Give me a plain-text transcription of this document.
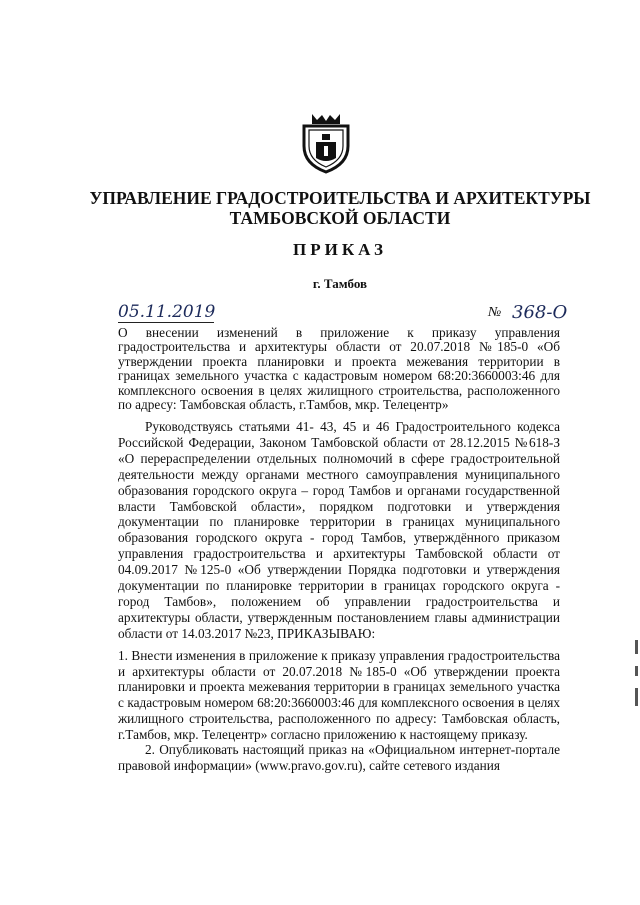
УПРАВЛЕНИЕ ГРАДОСТРОИТЕЛЬСТВА И АРХИТЕКТУРЫ ТАМБОВСКОЙ ОБЛАСТИ
ПРИКАЗ
г. Тамбов
05.11.2019	№ 368-О
О внесении изменений в приложение к приказу управления градостроительства и архитектуры области от 20.07.2018 №185-0 «Об утверждении проекта планировки и проекта межевания территории в границах земельного участка с кадастровым номером 68:20:3660003:46 для комплексного освоения в целях жилищного строительства, расположенного по адресу: Тамбовская область, г.Тамбов, мкр. Телецентр»

Руководствуясь статьями 41- 43, 45 и 46 Градостроительного кодекса Российской Федерации, Законом Тамбовской области от 28.12.2015 №618-З «О перераспределении отдельных полномочий в сфере градостроительной деятельности между органами местного самоуправления муниципального образования городского округа – город Тамбов и органами государственной власти Тамбовской области», порядком подготовки и утверждения документации по планировке территории в границах муниципального образования городского округа - город Тамбов, утверждённого приказом управления градостроительства и архитектуры Тамбовской области от 04.09.2017 №125-0 «Об утверждении Порядка подготовки и утверждения документации по планировке территории в границах городского округа - город Тамбов», положением об управлении градостроительства и архитектуры области, утвержденным постановлением главы администрации области от 14.03.2017 №23, ПРИКАЗЫВАЮ:

1. Внести изменения в приложение к приказу управления градостроительства и архитектуры области от 20.07.2018 №185-0 «Об утверждении проекта планировки и проекта межевания территории в границах земельного участка с кадастровым номером 68:20:3660003:46 для комплексного освоения в целях жилищного строительства, расположенного по адресу: Тамбовская область, г.Тамбов, мкр. Телецентр» согласно приложению к настоящему приказу.

2. Опубликовать настоящий приказ на «Официальном интернет-портале правовой информации» (www.pravo.gov.ru), сайте сетевого издания
